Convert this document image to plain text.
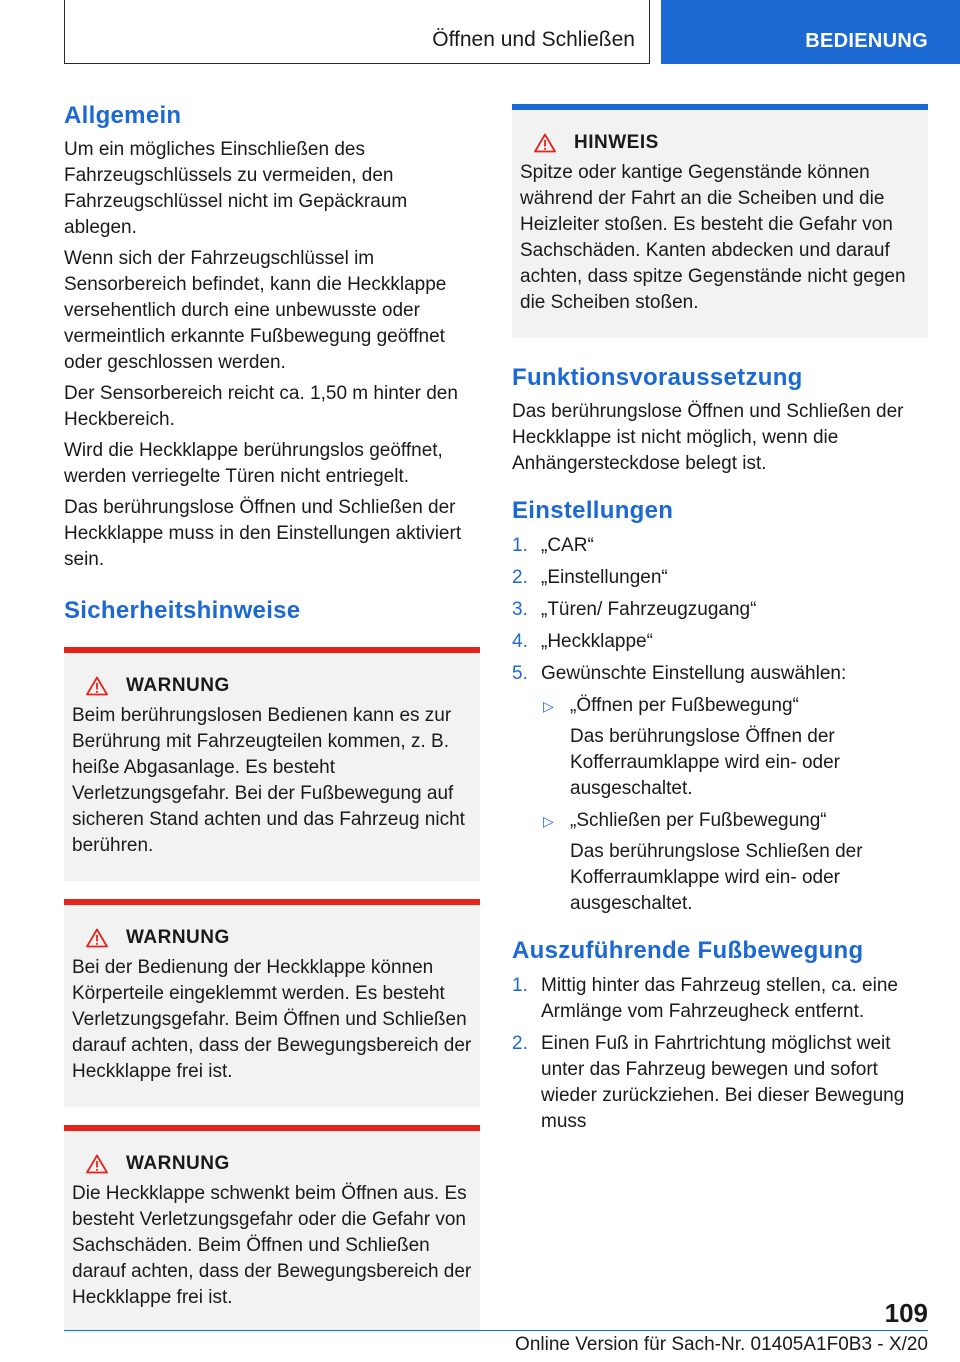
Öffnen und Schließen	BEDIENUNG
Allgemein

Um ein mögliches Einschließen des Fahrzeugschlüssels zu vermeiden, den Fahrzeugschlüssel nicht im Gepäckraum ablegen.

Wenn sich der Fahrzeugschlüssel im Sensorbereich befindet, kann die Heckklappe versehentlich durch eine unbewusste oder vermeintlich erkannte Fußbewegung geöffnet oder geschlossen werden.

Der Sensorbereich reicht ca. 1,50 m hinter den Heckbereich.

Wird die Heckklappe berührungslos geöffnet, werden verriegelte Türen nicht entriegelt.

Das berührungslose Öffnen und Schließen der Heckklappe muss in den Einstellungen aktiviert sein.

Sicherheitshinweise
WARNUNG

Beim berührungslosen Bedienen kann es zur Berührung mit Fahrzeugteilen kommen, z. B. heiße Abgasanlage. Es besteht Verletzungsgefahr. Bei der Fußbewegung auf sicheren Stand achten und das Fahrzeug nicht berühren.

WARNUNG

Bei der Bedienung der Heckklappe können Körperteile eingeklemmt werden. Es besteht Verletzungsgefahr. Beim Öffnen und Schließen darauf achten, dass der Bewegungsbereich der Heckklappe frei ist.

WARNUNG

Die Heckklappe schwenkt beim Öffnen aus. Es besteht Verletzungsgefahr oder die Gefahr von Sachschäden. Beim Öffnen und Schließen darauf achten, dass der Bewegungsbereich der Heckklappe frei ist.

HINWEIS

Spitze oder kantige Gegenstände können während der Fahrt an die Scheiben und die Heizleiter stoßen. Es besteht die Gefahr von Sachschäden. Kanten abdecken und darauf achten, dass spitze Gegenstände nicht gegen die Scheiben stoßen.

Funktionsvoraussetzung

Das berührungslose Öffnen und Schließen der Heckklappe ist nicht möglich, wenn die Anhängersteckdose belegt ist.

Einstellungen
1. „CAR“
2. „Einstellungen“
3. „Türen/ Fahrzeugzugang“
4. „Heckklappe“
5. Gewünschte Einstellung auswählen:
▷ „Öffnen per Fußbewegung“
Das berührungslose Öffnen der Kofferraumklappe wird ein- oder ausgeschaltet.
▷ „Schließen per Fußbewegung“
Das berührungslose Schließen der Kofferraumklappe wird ein- oder ausgeschaltet.
Auszuführende Fußbewegung
1. Mittig hinter das Fahrzeug stellen, ca. eine Armlänge vom Fahrzeugheck entfernt.
2. Einen Fuß in Fahrtrichtung möglichst weit unter das Fahrzeug bewegen und sofort wieder zurückziehen. Bei dieser Bewegung muss
109
Online Version für Sach-Nr. 01405A1F0B3 - X/20
